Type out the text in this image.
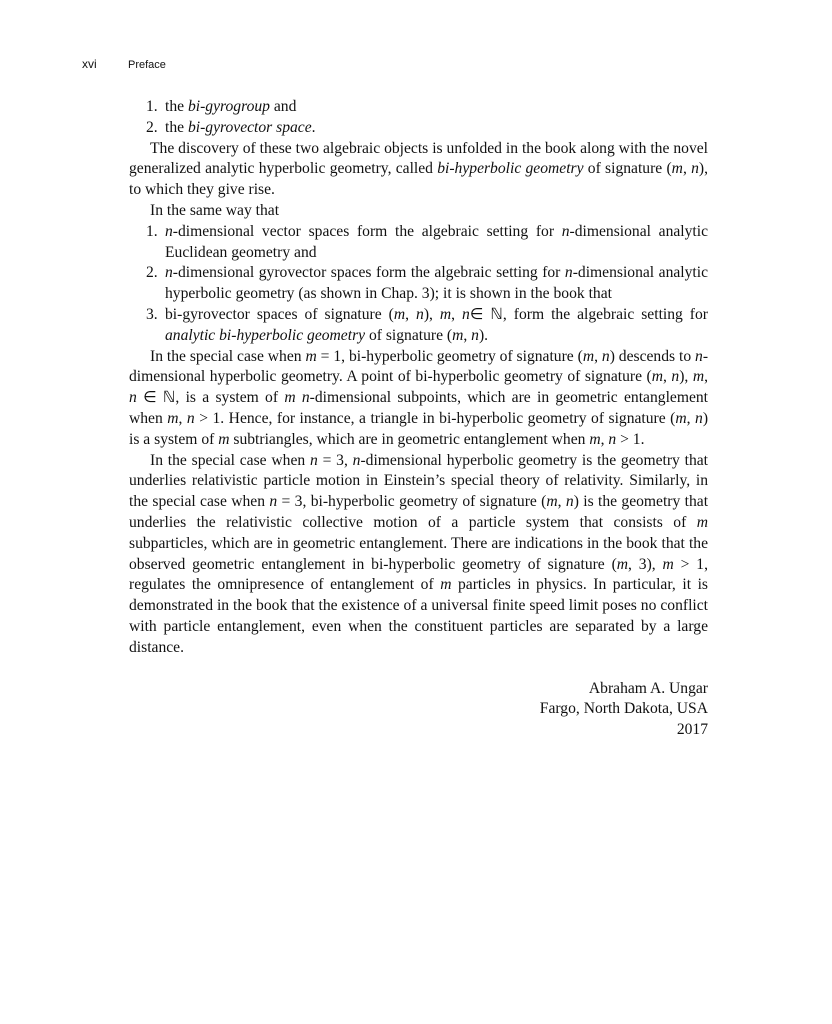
xvi	Preface
1. the bi-gyrogroup and
2. the bi-gyrovector space.

The discovery of these two algebraic objects is unfolded in the book along with the novel generalized analytic hyperbolic geometry, called bi-hyperbolic geometry of signature (m, n), to which they give rise.

In the same way that

1. n-dimensional vector spaces form the algebraic setting for n-dimensional analytic Euclidean geometry and
2. n-dimensional gyrovector spaces form the algebraic setting for n-dimensional analytic hyperbolic geometry (as shown in Chap. 3); it is shown in the book that
3. bi-gyrovector spaces of signature (m, n), m, n∈ ℕ, form the algebraic setting for analytic bi-hyperbolic geometry of signature (m, n).

In the special case when m = 1, bi-hyperbolic geometry of signature (m, n) descends to n-dimensional hyperbolic geometry. A point of bi-hyperbolic geometry of signature (m, n), m, n ∈ ℕ, is a system of m n-dimensional subpoints, which are in geometric entanglement when m, n > 1. Hence, for instance, a triangle in bi-hyperbolic geometry of signature (m, n) is a system of m subtriangles, which are in geometric entanglement when m, n > 1.

In the special case when n = 3, n-dimensional hyperbolic geometry is the geometry that underlies relativistic particle motion in Einstein’s special theory of relativity. Similarly, in the special case when n = 3, bi-hyperbolic geometry of signature (m, n) is the geometry that underlies the relativistic collective motion of a particle system that consists of m subparticles, which are in geometric entanglement. There are indications in the book that the observed geometric entanglement in bi-hyperbolic geometry of signature (m, 3), m > 1, regulates the omnipresence of entanglement of m particles in physics. In particular, it is demonstrated in the book that the existence of a universal finite speed limit poses no conflict with particle entanglement, even when the constituent particles are separated by a large distance.

Abraham A. Ungar
Fargo, North Dakota, USA
2017
